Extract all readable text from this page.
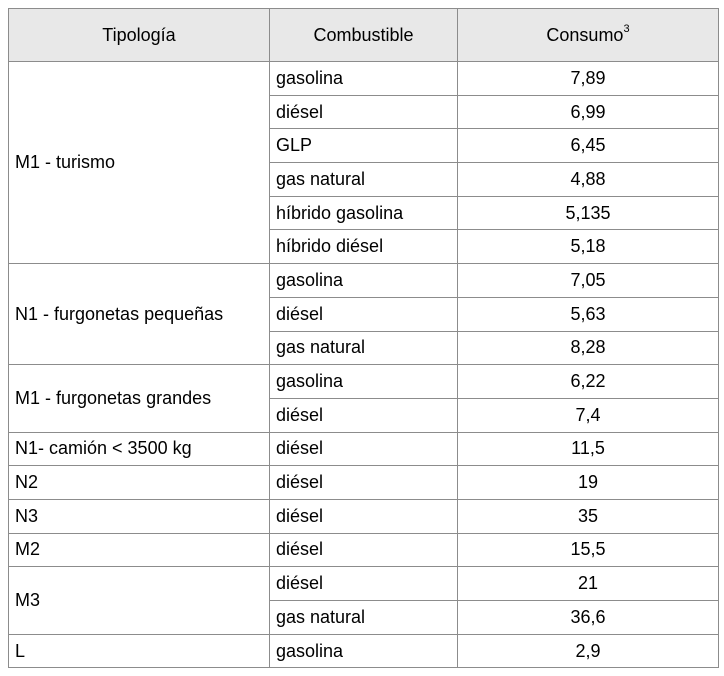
Tipología	Combustible	Consumo$^3$
M1 - turismo	gasolina	7,89
	diésel	6,99
	GLP	6,45
	gas natural	4,88
	híbrido gasolina	5,135
	híbrido diésel	5,18
N1 - furgonetas pequeñas	gasolina	7,05
	diésel	5,63
	gas natural	8,28
M1 - furgonetas grandes	gasolina	6,22
	diésel	7,4
N1- camión < 3500 kg	diésel	11,5
N2	diésel	19
N3	diésel	35
M2	diésel	15,5
M3	diésel	21
	gas natural	36,6
L	gasolina	2,9
